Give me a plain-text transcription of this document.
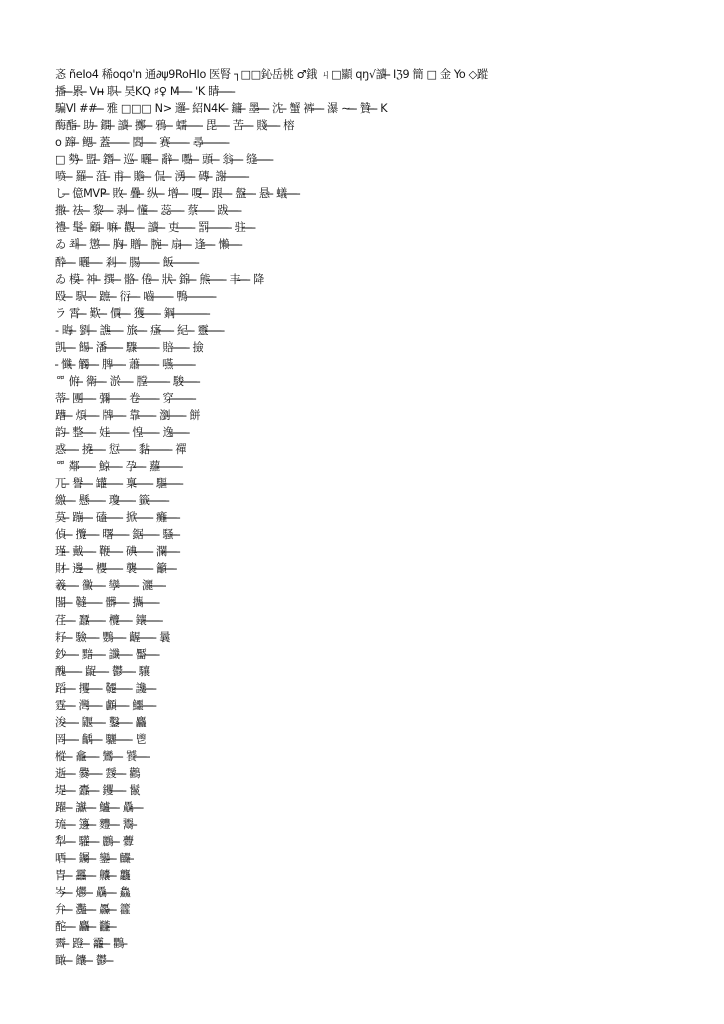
忞 ñeIo4 稀oqo'n 通∂ψ9RoHΙo 医腎 ┐□□鈊岳桃 ♂鋨 ㄐ□顯 qŋ√讀 ̶̶ Ιℨ9 簡 □ 金 Yo ◇蹤
播 ̶ ̶累 ̶̶ Vн̶ 职 ̶ 昊KQ ♯♀ M ̶ ̶ ̶ ̶ 'K 睛 ̶ ̶ ̶ ̶ ̶
騙Vl ## ̶ ̶ 雅 □□□ N> 邏 ̶ 紹N4K ̶ 鏞 ̶ 墨 ̶ ̶ ̶ 沈 ̶ 蟹 裤 ̶ ̶ ̶ 瀑 ∼ ̶ ̶ 贊 ̶ ̶ K
酶酯 ̶ 助 ̶ 鐧 ̶ 讀 ̶ 擲 ̶ ̶ 鴉 ̶ ̶ 蠕 ̶ ̶ ̶ ̶ ̶ 毘 ̶ ̶ ̶ ̶ 苦 ̶ ̶ ̶ 賤 ̶ ̶ ̶ ̶ 榕
o 蹿 ̶ 鳃 ̶ 蓋 ̶ ̶ ̶ ̶ ̶ ̶ 閻 ̶ ̶ ̶ ̶ 赛 ̶ ̶ ̶ ̶ ̶ ̶ 尋 ̶ ̶ ̶ ̶ ̶ ̶ ̶ ̶
□ 勢 ̶ 盟 ̶ 鐕 ̶ ̶ 巡 ̶ 曬 ̶ ̶ 辭 ̶ ̶ 嚸 ̶ ̶ 頭 ̶ ̶ 翁 ̶ ̶ ̶ 缝 ̶ ̶ ̶ ̶ ̶
喷 ̶ ̶ 羅 ̶ ̶ 菹 ̶ 甫 ̶ ̶ 贍 ̶ ̶ 侃 ̶ ̶ 湧 ̶ ̶ ̶ 磚 ̶ 謝 ̶ ̶ ̶ ̶ ̶ ̶ ̶
し ̶ 億MVP ̶ 敗 ̶ 疊 ̶ 纵 ̶ ̶ 增 ̶ ̶ ̶ 嗄 ̶ ̶ 跟 ̶ ̶ ̶ 盤 ̶ ̶ ̶ 悬 ̶ 蟻 ̶ ̶ ̶ ̶
撒 ̶ 祛 ̶ ̶ 黎 ̶ ̶ ̶ 剥 ̶ ̶ 懂 ̶ ̶ ̶ 蕊 ̶ ̶ ̶ ̶ 蔡 ̶ ̶ ̶ ̶ ̶ 跋 ̶ ̶ ̶ ̶
禮 ̶ 髦 ̶ 顧 ̶ 嘛 ̶ 觀 ̶ ̶ ̶ 讀 ̶ ̶ 吏 ̶ ̶ ̶ ̶ ̶ 罰 ̶ ̶ ̶ ̶ ̶ ̶ ̶ 驻 ̶ ̶ ̶
ゐ 쵀 ̶ ̶ 懲 ̶ ̶ ̶ 胸 ̶ 贈 ̶ ̶ 腕 ̶ ̶ 扇 ̶ ̶ ̶ 逢 ̶ ̶ ̶ 懶 ̶ ̶ ̶ ̶
酔 ̶ ̶ ̶ 曬 ̶ ̶ ̶ ̶ 剎 ̶ ̶ ̶ 腸 ̶ ̶ ̶ ̶ ̶ ̶ 飯 ̶ ̶ ̶ ̶ ̶ ̶ ̶ ̶
ゐ 模 ̶ 神 ̶ 撰 ̶ ̶ 骼 ̶ 倦 ̶ ̶ 狀 ̶ 錦 ̶ ̶ 熊 ̶ ̶ ̶ ̶ ̶ 丰 ̶ ̶ ̶ 降
殴 ̶ ̶ 駅 ̶ ̶ ̶ 蹠 ̶ ̶ 衍 ̶ ̶ ̶ 嚙 ̶ ̶ ̶ ̶ ̶ ̶ 鴨 ̶ ̶ ̶ ̶ ̶ ̶ ̶ ̶ ̶
ラ 霄 ̶ ̶ 歎 ̶ ̶ 價 ̶ ̶ ̶ 獲 ̶ ̶ ̶ ̶ ̶ 鋼 ̶ ̶ ̶ ̶ ̶ ̶ ̶ ̶ ̶ ̶ ̶
- 晦 ̶ 劉 ̶ ̶ 譙 ̶ ̶ ̶ ̶ 旅 ̶ ̶ ̶ 瘙 ̶ ̶ ̶ ̶ 紀 ̶ ̶ 靈 ̶ ̶ ̶ ̶ ̶
凯 ̶ ̶ ̶ 餳 ̶ 潘 ̶ ̶ ̶ ̶ ̶ 驟 ̶ ̶ ̶ ̶ ̶ ̶ ̶ 賠 ̶ ̶ ̶ ̶ ̶ 撿
̶ ̶ 懺 ̶ 觸 ̶ ̶ ̶ 脾 ̶ ̶ ̶ ̶ 蕭 ̶ ̶ ̶ ̶ ̶ ̶ 嚥 ̶ ̶ ̶ ̶ ̶ ̶ ̶
ᅃ 俯 ̶ 衛 ̶ ̶ ̶ 淤 ̶ ̶ ̶ ̶ 膛 ̶ ̶ ̶ ̶ ̶ ̶ ̶ 駿 ̶ ̶ ̶ ̶ ̶
蒂 ̶ 團 ̶ ̶ ̶ ̶ 彌 ̶ ̶ ̶ ̶ ̶ 卷 ̶ ̶ ̶ ̶ ̶ ̶ 穿 ̶ ̶ ̶ ̶ ̶ ̶ ̶
蹧 ̶ ̶ 煩 ̶ ̶ ̶ ̶ 牌 ̶ ̶ ̶ ̶ 靠 ̶ ̶ ̶ ̶ ̶ 瀏 ̶ ̶ ̶ ̶ ̶ 餅
韵 ̶ 整 ̶ ̶ ̶ ̶ 娃 ̶ ̶ ̶ ̶ ̶ ̶ 惶 ̶ ̶ ̶ ̶ ̶ 逸 ̶ ̶ ̶ ̶ ̶
惑 ̶ ̶ ̶ ̶ 撓 ̶ ̶ ̶ ̶ 愆 ̶ ̶ ̶ ̶ ̶ 黏 ̶ ̶ ̶ ̶ ̶ ̶ ̶ 禪
ᅃ 鄰 ̶ ̶ ̶ ̶ ̶ 鯨 ̶ ̶ ̶ ̶ 孕 ̶ ̶ ̶ 蘿 ̶ ̶ ̶ ̶ ̶ ̶ ̶
兀 ̶ 譽 ̶ ̶ ̶ 罐 ̶ ̶ ̶ ̶ ̶ 稟 ̶ ̶ ̶ ̶ ̶ 驅 ̶ ̶ ̶ ̶ ̶
繳 ̶ ̶ ̶ 懸 ̶ ̶ ̶ ̶ ̶ 瓊 ̶ ̶ ̶ ̶ ̶ 籤 ̶ ̶ ̶ ̶ ̶ ̶
莫 ̶ 蹦 ̶ ̶ ̶ 磕 ̶ ̶ ̶ ̶ ̶ 掀 ̶ ̶ ̶ ̶ ̶ 癱 ̶ ̶ ̶ ̶
偵 ̶ ̶ 攬 ̶ ̶ ̶ ̶ 曙 ̶ ̶ ̶ ̶ ̶ 鋸 ̶ ̶ ̶ ̶ ̶ 騷 ̶ ̶
瑾 ̶ 戴 ̶ ̶ ̶ ̶ 鞭 ̶ ̶ ̶ ̶ 碘 ̶ ̶ ̶ ̶ ̶ 瀾 ̶ ̶ ̶ ̶
財 ̶ 邊 ̶ ̶ ̶ 櫻 ̶ ̶ ̶ ̶ ̶ 襲 ̶ ̶ ̶ ̶ ̶ 籲 ̶ ̶ ̶
羲 ̶ ̶ ̶ ̶ 黴 ̶ ̶ ̶ ̶ 孿 ̶ ̶ ̶ ̶ ̶ ̶ 灑 ̶ ̶ ̶ ̶
閣 ̶ ̶ 韃 ̶ ̶ ̶ ̶ ̶ 髒 ̶ ̶ ̶ ̶ 攜 ̶ ̶ ̶ ̶ ̶
荏 ̶ ̶ ̶ 蠶 ̶ ̶ ̶ ̶ ̶ 欖 ̶ ̶ ̶ ̶ 鑲 ̶ ̶ ̶ ̶ ̶
耔 ̶ ̶ 驗 ̶ ̶ ̶ ̶ 鸚 ̶ ̶ ̶ ̶ 齷 ̶ ̶ ̶ ̶ ̶ 曩
鈔 ̶ ̶ ̶ ̶ 黯 ̶ ̶ ̶ ̶ 讖 ̶ ̶ ̶ ̶ 靨 ̶ ̶ ̶ ̶
醜 ̶ ̶ ̶ ̶ ̶ 齪 ̶ ̶ ̶ ̶ 鬱 ̶ ̶ ̶ ̶ 驤
蹈 ̶ ̶ ̶ 攫 ̶ ̶ ̶ ̶ 韆 ̶ ̶ ̶ ̶ ̶ 讒 ̶ ̶ ̶
霆 ̶ ̶ ̶ 灣 ̶ ̶ ̶ ̶ 顱 ̶ ̶ ̶ ̶ 鱷 ̶ ̶ ̶ ̶
浚 ̶ ̶ ̶ ̶ 鼴 ̶ ̶ ̶ ̶ 鑿 ̶ ̶ ̶ ̶ 麤
罔 ̶ ̶ ̶ ̶ 齲 ̶ ̶ ̶ 驪 ̶ ̶ ̶ ̶ ̶ 鬯
樅 ̶ ̶ 龕 ̶ ̶ ̶ ̶ 鸞 ̶ ̶ ̶ 饕 ̶ ̶ ̶ ̶
逝 ̶ ̶ ̶ 爨 ̶ ̶ ̶ ̶ 靉 ̶ ̶ ̶ 鸛
堤 ̶ ̶ ̶ 蠹 ̶ ̶ ̶ 钁 ̶ ̶ ̶ ̶ 鬣
躍 ̶ ̶ 讞 ̶ ̶ ̶ 鱸 ̶ ̶ ̶ 驫 ̶ ̶ ̶
琉 ̶ ̶ ̶ 籩 ̶ ̶ 麷 ̶ ̶ ̶ 鬻 ̶
犁 ̶ ̶ ̶ 驩 ̶ ̶ ̶ 鸝 ̶ ̶ 虋
哂 ̶ ̶ ̶ 钃 ̶ ̶ 鑾 ̶ ̶ 麣 ̶
胄 ̶ ̶ 靐 ̶ ̶ ̶ 齉 ̶ ̶ 龘
岑 ̶ ̶ 爩 ̶ ̶ 驫 ̶ ̶ ̶ 鱻
弁 ̶ ̶ 灩 ̶ ̶ ̶ 厵 ̶ ̶ 籱
酡 ̶ ̶ ̶ 麤 ̶ ̶ 龖 ̶ ̶
霽 ̶ 蹬 ̶ ̶ 龗 ̶ ̶ 鸜 ̶
瞰 ̶ ̶ 饢 ̶ ̶ 鬱 ̶ ̶
